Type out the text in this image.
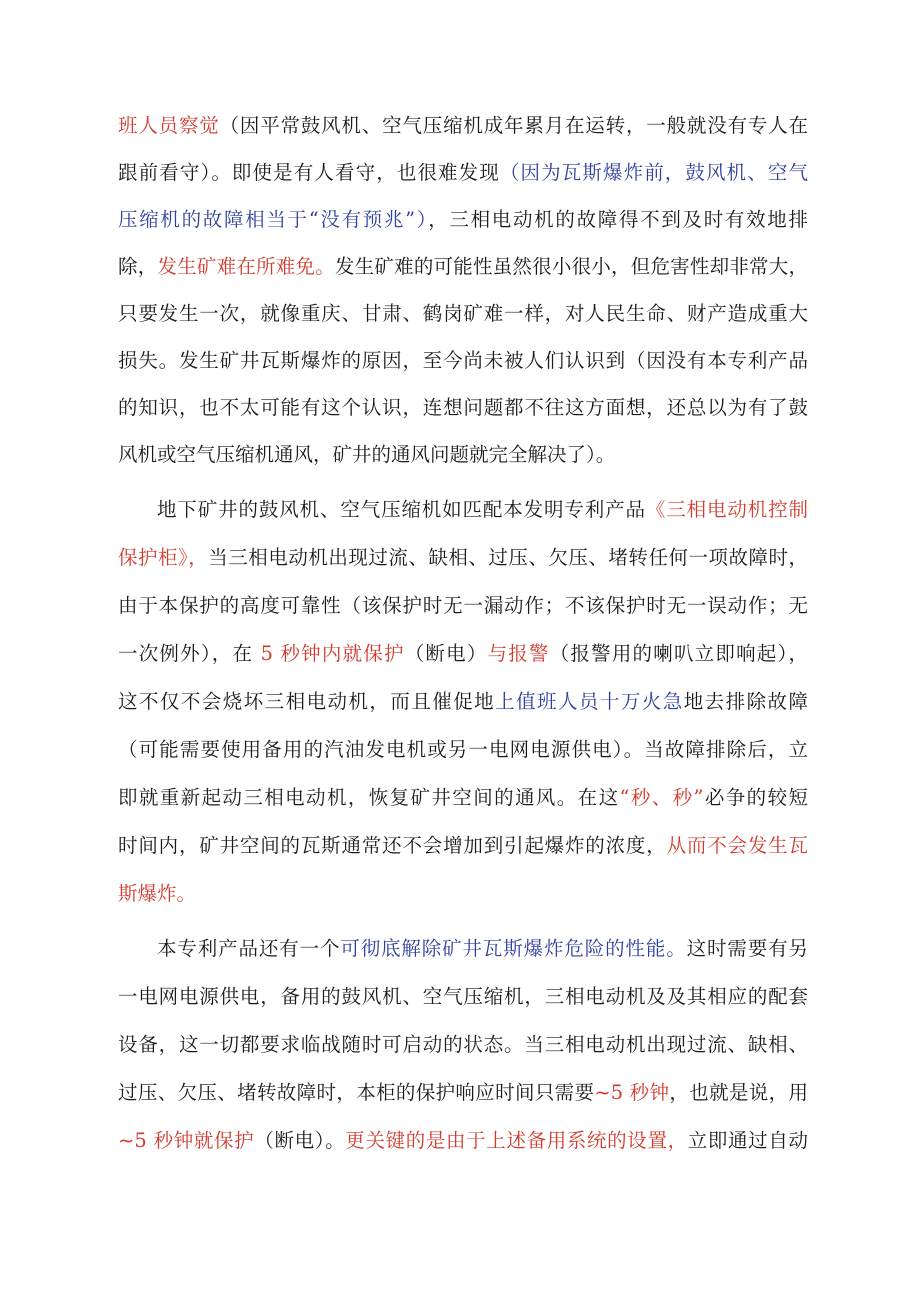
班人员察觉（因平常鼓风机、空气压缩机成年累月在运转，一般就没有专人在
跟前看守）。即使是有人看守，也很难发现（因为瓦斯爆炸前，鼓风机、空气
压缩机的故障相当于“没有预兆”），三相电动机的故障得不到及时有效地排
除，发生矿难在所难免。发生矿难的可能性虽然很小很小，但危害性却非常大，
只要发生一次，就像重庆、甘肃、鹤岗矿难一样，对人民生命、财产造成重大
损失。发生矿井瓦斯爆炸的原因，至今尚未被人们认识到（因没有本专利产品
的知识，也不太可能有这个认识，连想问题都不往这方面想，还总以为有了鼓
风机或空气压缩机通风，矿井的通风问题就完全解决了）。
地下矿井的鼓风机、空气压缩机如匹配本发明专利产品《三相电动机控制
保护柜》，当三相电动机出现过流、缺相、过压、欠压、堵转任何一项故障时，
由于本保护的高度可靠性（该保护时无一漏动作；不该保护时无一误动作；无
一次例外），在 5 秒钟内就保护（断电）与报警（报警用的喇叭立即响起），
这不仅不会烧坏三相电动机，而且催促地上值班人员十万火急地去排除故障
（可能需要使用备用的汽油发电机或另一电网电源供电）。当故障排除后，立
即就重新起动三相电动机，恢复矿井空间的通风。在这“秒、秒”必争的较短
时间内，矿井空间的瓦斯通常还不会增加到引起爆炸的浓度，从而不会发生瓦
斯爆炸。
本专利产品还有一个可彻底解除矿井瓦斯爆炸危险的性能。这时需要有另
一电网电源供电，备用的鼓风机、空气压缩机，三相电动机及及其相应的配套
设备，这一切都要求临战随时可启动的状态。当三相电动机出现过流、缺相、
过压、欠压、堵转故障时，本柜的保护响应时间只需要~5 秒钟，也就是说，用
~5 秒钟就保护（断电）。更关键的是由于上述备用系统的设置，立即通过自动
